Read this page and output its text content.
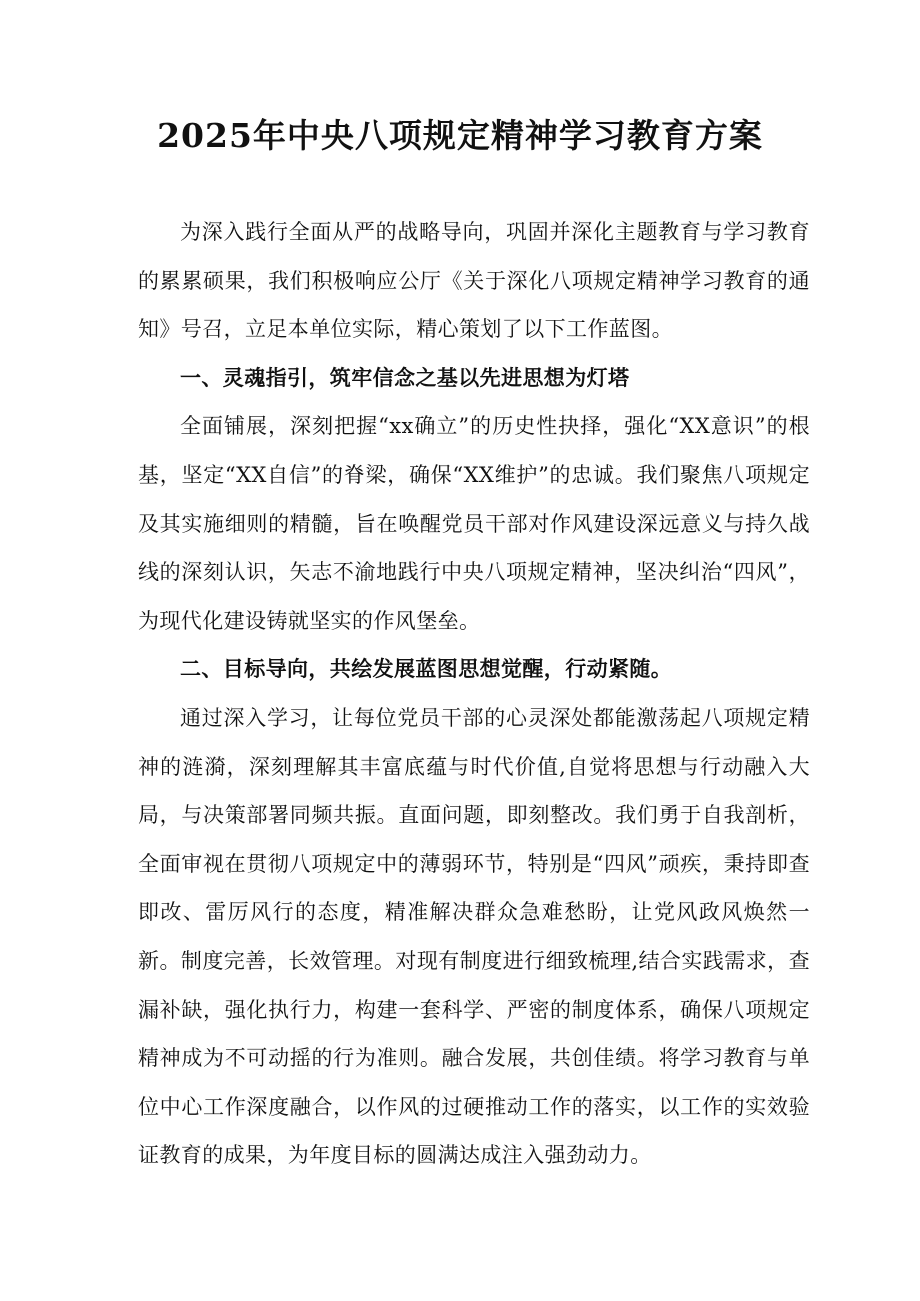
2025年中央八项规定精神学习教育方案

为深入践行全面从严的战略导向，巩固并深化主题教育与学习教育的累累硕果，我们积极响应公厅《关于深化八项规定精神学习教育的通知》号召，立足本单位实际，精心策划了以下工作蓝图。

一、灵魂指引，筑牢信念之基以先进思想为灯塔

全面铺展，深刻把握“xx确立”的历史性抉择，强化“XX意识”的根基，坚定“XX自信”的脊梁，确保“XX维护”的忠诚。我们聚焦八项规定及其实施细则的精髓，旨在唤醒党员干部对作风建设深远意义与持久战线的深刻认识，矢志不渝地践行中央八项规定精神，坚决纠治“四风”，为现代化建设铸就坚实的作风堡垒。

二、目标导向，共绘发展蓝图思想觉醒，行动紧随。

通过深入学习，让每位党员干部的心灵深处都能激荡起八项规定精神的涟漪，深刻理解其丰富底蕴与时代价值,自觉将思想与行动融入大局，与决策部署同频共振。直面问题，即刻整改。我们勇于自我剖析，全面审视在贯彻八项规定中的薄弱环节，特别是“四风”顽疾，秉持即查即改、雷厉风行的态度，精准解决群众急难愁盼，让党风政风焕然一新。制度完善，长效管理。对现有制度进行细致梳理,结合实践需求，查漏补缺，强化执行力，构建一套科学、严密的制度体系，确保八项规定精神成为不可动摇的行为准则。融合发展，共创佳绩。将学习教育与单位中心工作深度融合，以作风的过硬推动工作的落实，以工作的实效验证教育的成果，为年度目标的圆满达成注入强劲动力。
